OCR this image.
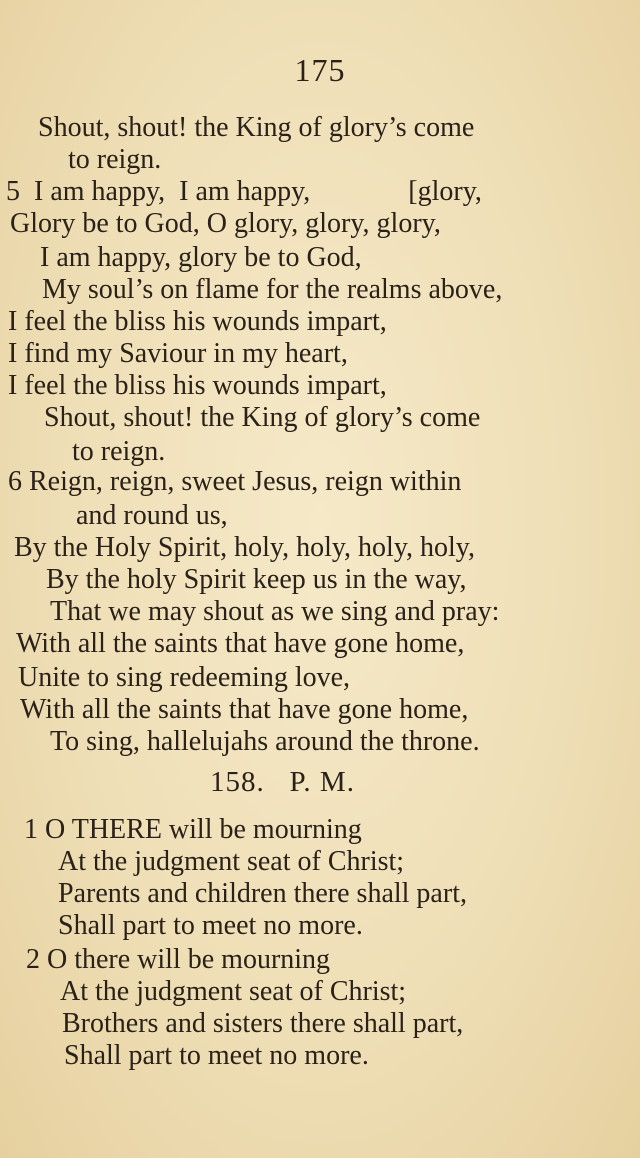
175
Shout, shout! the King of glory’s come
to reign.
5  I am happy,  I am happy,              [glory,
Glory be to God, O glory, glory, glory,
I am happy, glory be to God,
My soul’s on flame for the realms above,
I feel the bliss his wounds impart,
I find my Saviour in my heart,
I feel the bliss his wounds impart,
Shout, shout! the King of glory’s come
to reign.
6 Reign, reign, sweet Jesus, reign within
and round us,
By the Holy Spirit, holy, holy, holy, holy,
By the holy Spirit keep us in the way,
That we may shout as we sing and pray:
With all the saints that have gone home,
Unite to sing redeeming love,
With all the saints that have gone home,
To sing, hallelujahs around the throne.
158.   P. M.
1 O THERE will be mourning
At the judgment seat of Christ;
Parents and children there shall part,
Shall part to meet no more.
2 O there will be mourning
At the judgment seat of Christ;
Brothers and sisters there shall part,
Shall part to meet no more.
